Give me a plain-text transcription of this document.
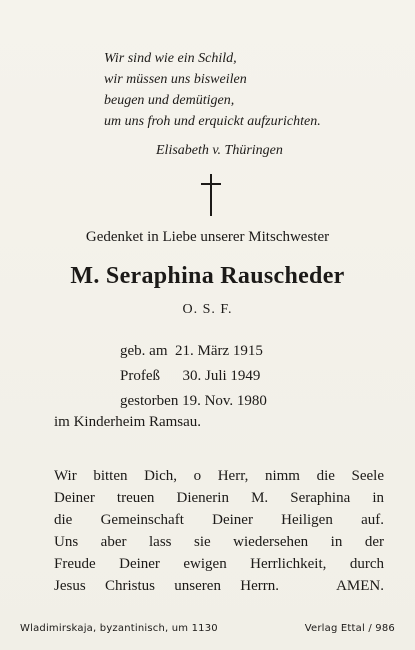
Wir sind wie ein Schild,
wir müssen uns bisweilen
beugen und demütigen,
um uns froh und erquickt aufzurichten.
Elisabeth v. Thüringen
Gedenket in Liebe unserer Mitschwester
M. Seraphina Rauscheder
O. S. F.
geb. am  21. März 1915
Profeß      30. Juli 1949
gestorben 19. Nov. 1980
im Kinderheim Ramsau.
Wir bitten Dich, o Herr, nimm die Seele
Deiner treuen Dienerin M. Seraphina in
die Gemeinschaft Deiner Heiligen auf.
Uns aber lass sie wiedersehen in der
Freude Deiner ewigen Herrlichkeit, durch
Jesus Christus unseren Herrn.   AMEN.
Wladimirskaja, byzantinisch, um 1130	Verlag Ettal / 986
